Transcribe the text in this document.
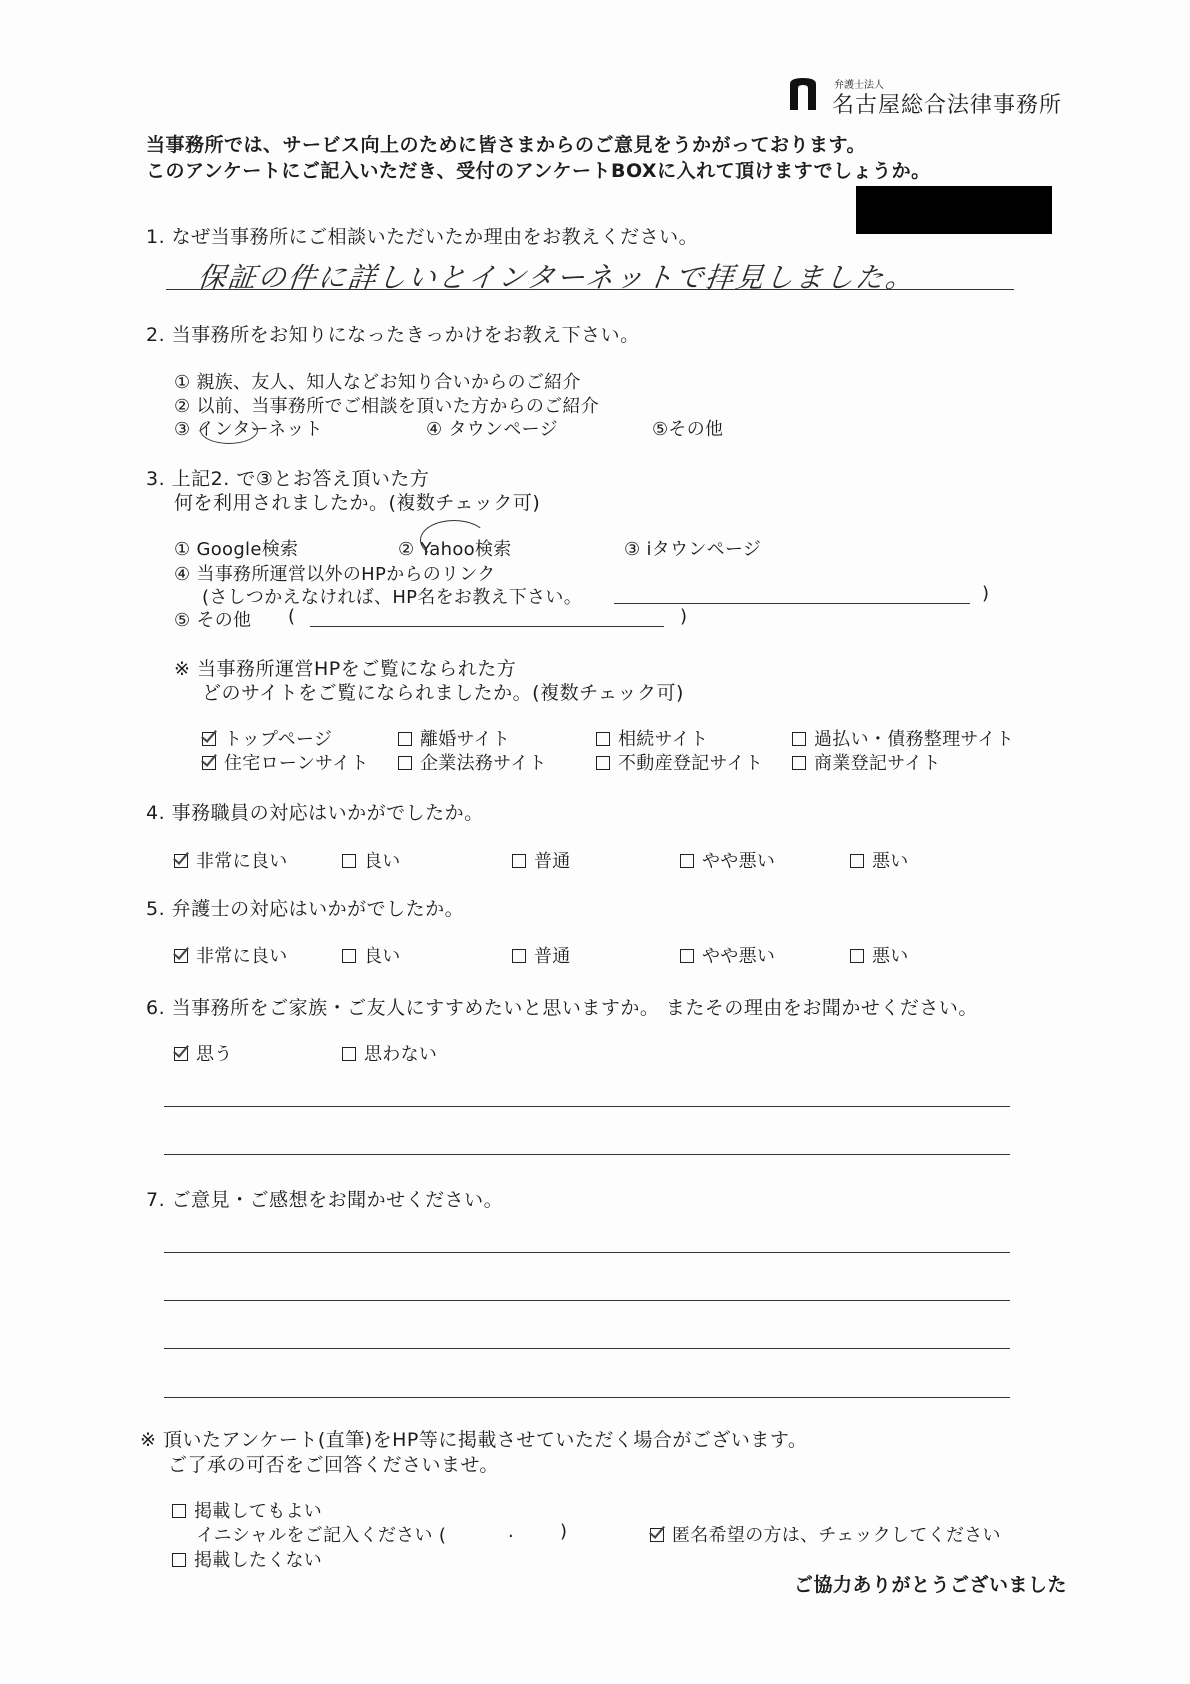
弁護士法人
名古屋総合法律事務所
当事務所では、サービス向上のために皆さまからのご意見をうかがっております。
このアンケートにご記入いただき、受付のアンケートBOXに入れて頂けますでしょうか。
1. なぜ当事務所にご相談いただいたか理由をお教えください。
保証の件に詳しいとインターネットで拝見しました。
2. 当事務所をお知りになったきっかけをお教え下さい。
① 親族、友人、知人などお知り合いからのご紹介
② 以前、当事務所でご相談を頂いた方からのご紹介
③ インターネット	④ タウンページ	⑤その他
3. 上記2. で③とお答え頂いた方
何を利用されましたか。(複数チェック可)
① Google検索	② Yahoo検索	③ iタウンページ
④ 当事務所運営以外のHPからのリンク
(さしつかえなければ、HP名をお教え下さい。	)
⑤ その他 (	)
※ 当事務所運営HPをご覧になられた方
どのサイトをご覧になられましたか。(複数チェック可)
トップページ	離婚サイト	相続サイト	過払い・債務整理サイト
住宅ローンサイト	企業法務サイト	不動産登記サイト	商業登記サイト
4. 事務職員の対応はいかがでしたか。
非常に良い	良い	普通	やや悪い	悪い
5. 弁護士の対応はいかがでしたか。
非常に良い	良い	普通	やや悪い	悪い
6. 当事務所をご家族・ご友人にすすめたいと思いますか。 またその理由をお聞かせください。
思う	思わない
7. ご意見・ご感想をお聞かせください。
※ 頂いたアンケート(直筆)をHP等に掲載させていただく場合がございます。
ご了承の可否をご回答くださいませ。
掲載してもよい
イニシャルをご記入ください (	.	)	匿名希望の方は、チェックしてください
掲載したくない
ご協力ありがとうございました
